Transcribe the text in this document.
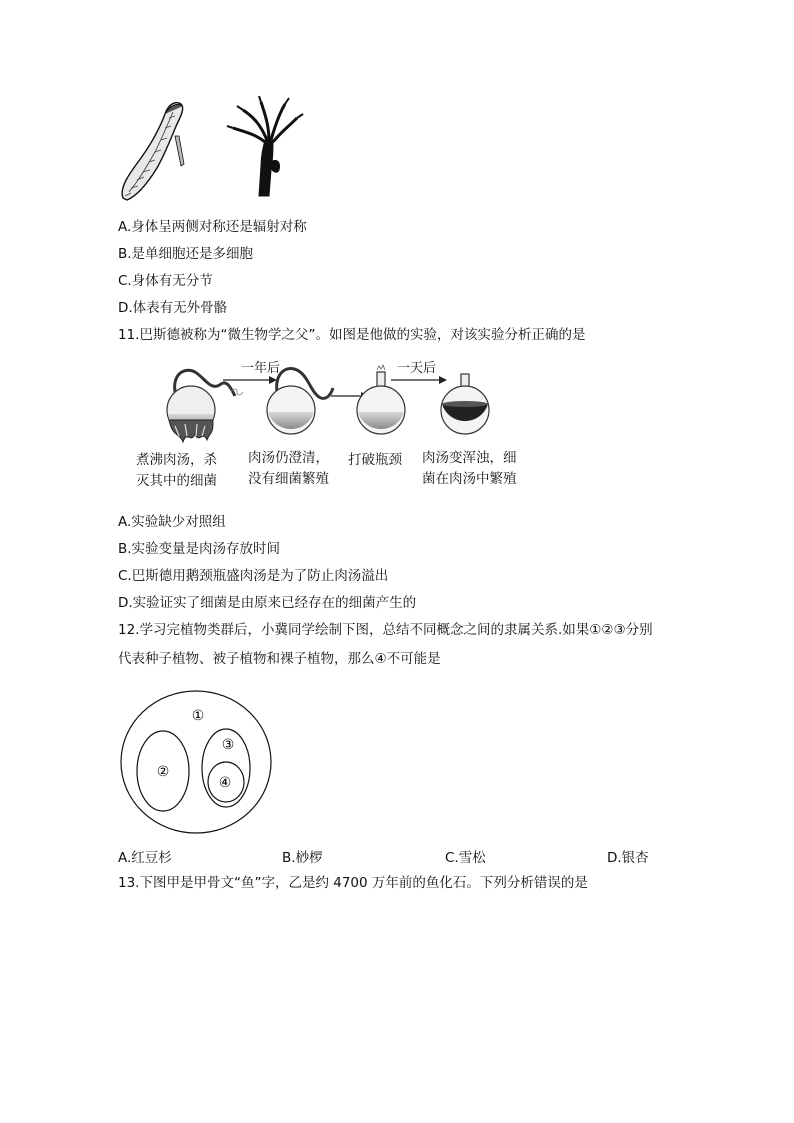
A.身体呈两侧对称还是辐射对称
B.是单细胞还是多细胞
C.身体有无分节
D.体表有无外骨骼
11.巴斯德被称为“微生物学之父”。如图是他做的实验，对该实验分析正确的是
一年后	一天后
煮沸肉汤，杀
灭其中的细菌
肉汤仍澄清，
没有细菌繁殖
打破瓶颈 肉汤变浑浊，细
菌在肉汤中繁殖
A.实验缺少对照组
B.实验变量是肉汤存放时间
C.巴斯德用鹅颈瓶盛肉汤是为了防止肉汤溢出
D.实验证实了细菌是由原来已经存在的细菌产生的
12.学习完植物类群后，小冀同学绘制下图，总结不同概念之间的隶属关系.如果①②③分别
代表种子植物、被子植物和裸子植物，那么④不可能是
①
②
③
④
A.红豆杉	B.桫椤	C.雪松	D.银杏
13.下图甲是甲骨文“鱼”字，乙是约 4700 万年前的鱼化石。下列分析错误的是
